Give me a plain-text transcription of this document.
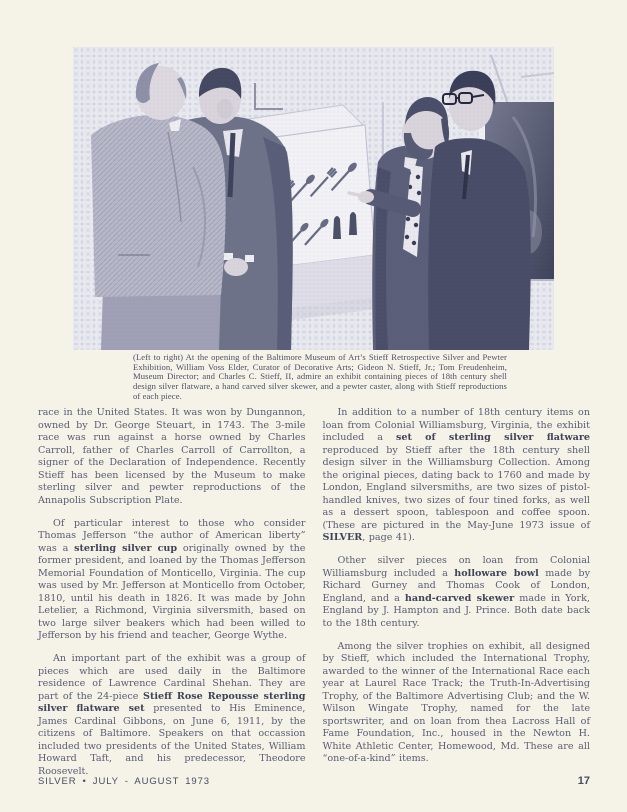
(Left to right) At the opening of the Baltimore Museum of Art’s Stieff Retrospective Silver and Pewter Exhibition, William Voss Elder, Curator of Decorative Arts; Gideon N. Stieff, Jr.; Tom Freudenheim, Museum Director; and Charles C. Stieff, II, admire an exhibit containing pieces of 18th century shell design silver flatware, a hand carved silver skewer, and a pewter caster, along with Stieff reproductions of each piece.

race in the United States. It was won by Dungannon, owned by Dr. George Steuart, in 1743. The 3-mile race was run against a horse owned by Charles Carroll, father of Charles Carroll of Carrollton, a signer of the Declaration of Independence. Recently Stieff has been licensed by the Museum to make sterling silver and pewter reproductions of the Annapolis Subscription Plate.

Of particular interest to those who consider Thomas Jefferson “the author of American liberty” was a sterling silver cup originally owned by the former president, and loaned by the Thomas Jefferson Memorial Foundation of Monticello, Virginia. The cup was used by Mr. Jefferson at Monticello from October, 1810, until his death in 1826. It was made by John Letelier, a Richmond, Virginia silversmith, based on two large silver beakers which had been willed to Jefferson by his friend and teacher, George Wythe.

An important part of the exhibit was a group of pieces which are used daily in the Baltimore residence of Lawrence Cardinal Shehan. They are part of the 24-piece Stieff Rose Repousse sterling silver flatware set presented to His Eminence, James Cardinal Gibbons, on June 6, 1911, by the citizens of Baltimore. Speakers on that occassion included two presidents of the United States, William Howard Taft, and his predecessor, Theodore Roosevelt.

In addition to a number of 18th century items on loan from Colonial Williamsburg, Virginia, the exhibit included a set of sterling silver flatware reproduced by Stieff after the 18th century shell design silver in the Williamsburg Collection. Among the original pieces, dating back to 1760 and made by London, England silversmiths, are two sizes of pistol-handled knives, two sizes of four tined forks, as well as a dessert spoon, tablespoon and coffee spoon. (These are pictured in the May-June 1973 issue of SILVER, page 41).

Other silver pieces on loan from Colonial Williamsburg included a holloware bowl made by Richard Gurney and Thomas Cook of London, England, and a hand-carved skewer made in York, England by J. Hampton and J. Prince. Both date back to the 18th century.

Among the silver trophies on exhibit, all designed by Stieff, which included the International Trophy, awarded to the winner of the International Race each year at Laurel Race Track; the Truth-In-Advertising Trophy, of the Baltimore Advertising Club; and the W. Wilson Wingate Trophy, named for the late sportswriter, and on loan from thea Lacross Hall of Fame Foundation, Inc., housed in the Newton H. White Athletic Center, Homewood, Md. These are all “one-of-a-kind” items.

SILVER • JULY - AUGUST 1973	17
